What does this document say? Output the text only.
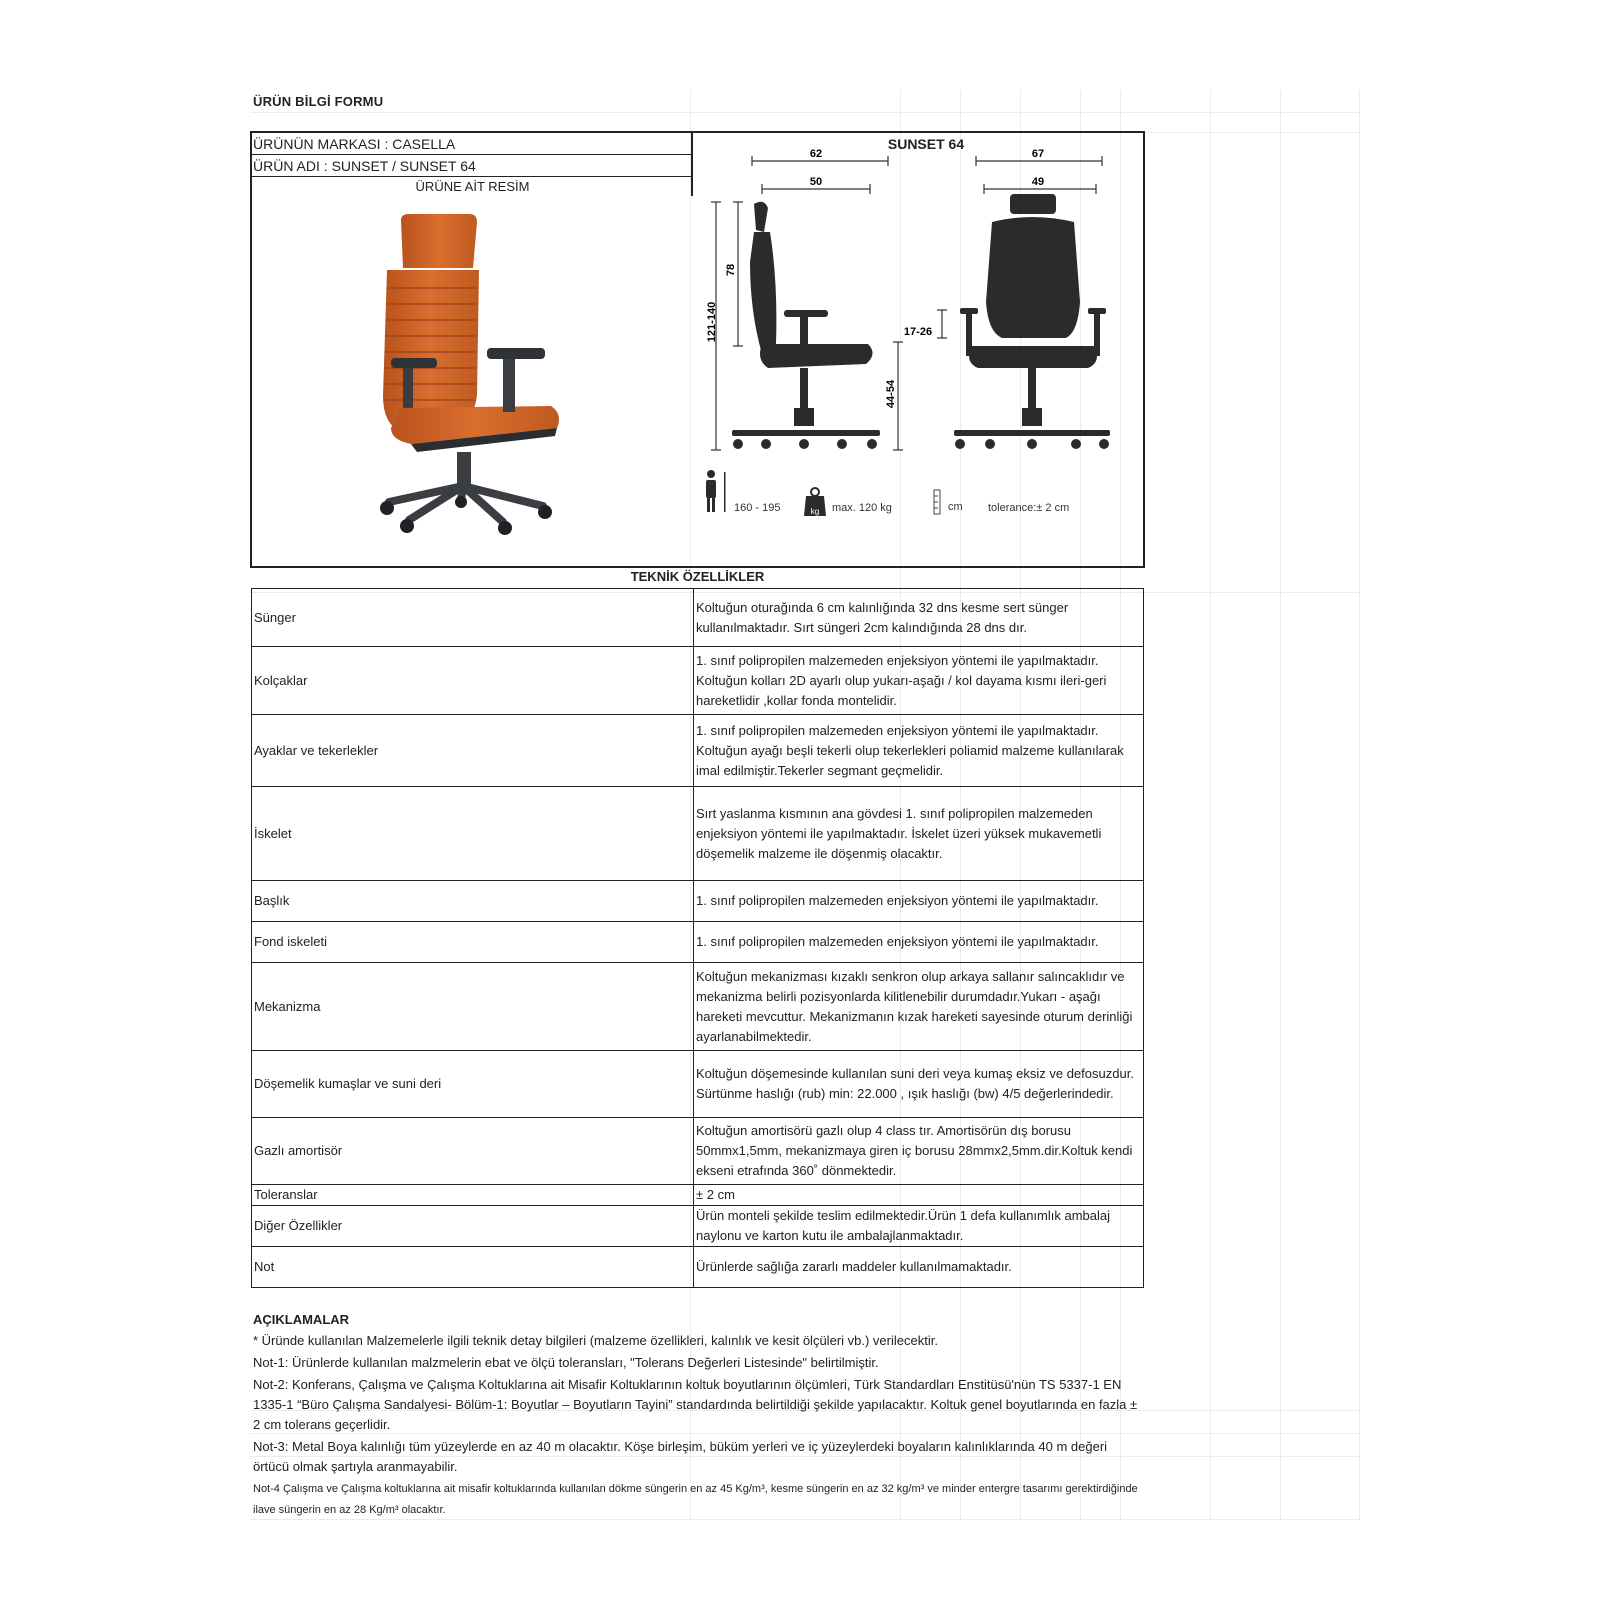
ÜRÜN BİLGİ FORMU
ÜRÜNÜN MARKASI : CASELLA
ÜRÜN ADI : SUNSET / SUNSET 64
ÜRÜNE AİT RESİM
SUNSET 64
62
50
67
49
121-140
78
44-54
17-26
160 - 195	kg max. 120 kg	cm tolerance:± 2 cm
TEKNİK ÖZELLİKLER
Sünger	Koltuğun oturağında 6 cm kalınlığında 32 dns kesme sert sünger kullanılmaktadır. Sırt süngeri 2cm kalındığında 28 dns dır.
Kolçaklar	1. sınıf polipropilen malzemeden enjeksiyon yöntemi ile yapılmaktadır. Koltuğun kolları 2D ayarlı olup yukarı-aşağı / kol dayama kısmı ileri-geri hareketlidir ,kollar fonda montelidir.
Ayaklar ve tekerlekler	1. sınıf polipropilen malzemeden enjeksiyon yöntemi ile yapılmaktadır. Koltuğun ayağı beşli tekerli olup tekerlekleri poliamid malzeme kullanılarak imal edilmiştir.Tekerler segmant geçmelidir.
İskelet	Sırt yaslanma kısmının ana gövdesi 1. sınıf polipropilen malzemeden enjeksiyon yöntemi ile yapılmaktadır. İskelet üzeri yüksek mukavemetli döşemelik malzeme ile döşenmiş olacaktır.
Başlık	1. sınıf polipropilen malzemeden enjeksiyon yöntemi ile yapılmaktadır.
Fond iskeleti	1. sınıf polipropilen malzemeden enjeksiyon yöntemi ile yapılmaktadır.
Mekanizma	Koltuğun mekanizması kızaklı senkron olup arkaya sallanır salıncaklıdır ve mekanizma belirli pozisyonlarda kilitlenebilir durumdadır.Yukarı - aşağı hareketi mevcuttur. Mekanizmanın kızak hareketi sayesinde oturum derinliği ayarlanabilmektedir.
Döşemelik kumaşlar ve suni deri	Koltuğun döşemesinde kullanılan suni deri veya kumaş eksiz ve defosuzdur. Sürtünme haslığı (rub) min: 22.000 , ışık haslığı (bw) 4/5 değerlerindedir.
Gazlı amortisör	Koltuğun amortisörü gazlı olup 4 class tır. Amortisörün dış borusu 50mmx1,5mm, mekanizmaya giren iç borusu 28mmx2,5mm.dir.Koltuk kendi ekseni etrafında 360˚ dönmektedir.
Toleranslar	± 2 cm
Diğer Özellikler	Ürün monteli şekilde teslim edilmektedir.Ürün 1 defa kullanımlık ambalaj naylonu ve karton kutu ile ambalajlanmaktadır.
Not	Ürünlerde sağlığa zararlı maddeler kullanılmamaktadır.
AÇIKLAMALAR
* Üründe kullanılan Malzemelerle ilgili teknik detay bilgileri (malzeme özellikleri, kalınlık ve kesit ölçüleri vb.) verilecektir.
Not-1: Ürünlerde kullanılan malzmelerin ebat ve ölçü toleransları, "Tolerans Değerleri Listesinde" belirtilmiştir.
Not-2: Konferans, Çalışma ve Çalışma Koltuklarına ait Misafir Koltuklarının koltuk boyutlarının ölçümleri, Türk Standardları Enstitüsü'nün TS 5337-1 EN 1335-1 “Büro Çalışma Sandalyesi- Bölüm-1: Boyutlar – Boyutların Tayini” standardında belirtildiği şekilde yapılacaktır. Koltuk genel boyutlarında en fazla ± 2 cm tolerans geçerlidir.
Not-3: Metal Boya kalınlığı tüm yüzeylerde en az 40 m olacaktır. Köşe birleşim, büküm yerleri ve iç yüzeylerdeki boyaların kalınlıklarında 40 m değeri örtücü olmak şartıyla aranmayabilir.
Not-4 Çalışma ve Çalışma koltuklarına ait misafir koltuklarında kullanılan dökme süngerin en az 45 Kg/m³, kesme süngerin en az 32 kg/m³ ve minder entergre tasarımı gerektirdiğinde ilave süngerin en az 28 Kg/m³ olacaktır.
